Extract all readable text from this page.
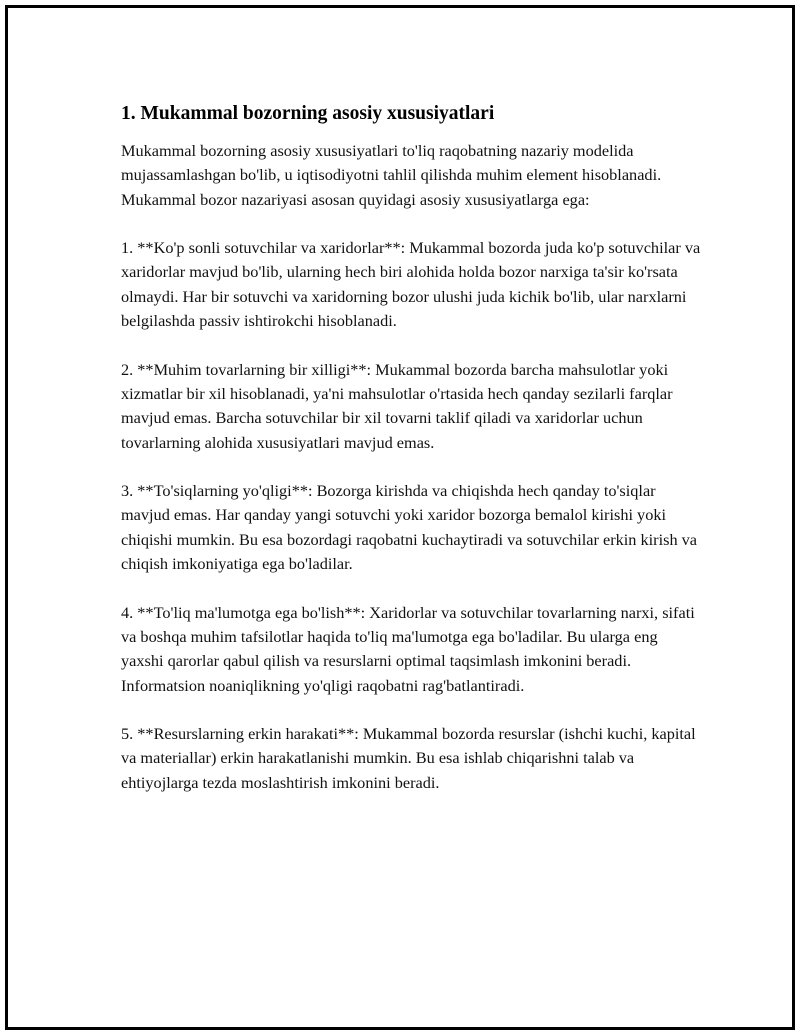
1. Mukammal bozorning asosiy xususiyatlari

Mukammal bozorning asosiy xususiyatlari to'liq raqobatning nazariy modelida mujassamlashgan bo'lib, u iqtisodiyotni tahlil qilishda muhim element hisoblanadi. Mukammal bozor nazariyasi asosan quyidagi asosiy xususiyatlarga ega:

1. **Ko'p sonli sotuvchilar va xaridorlar**: Mukammal bozorda juda ko'p sotuvchilar va xaridorlar mavjud bo'lib, ularning hech biri alohida holda bozor narxiga ta'sir ko'rsata olmaydi. Har bir sotuvchi va xaridorning bozor ulushi juda kichik bo'lib, ular narxlarni belgilashda passiv ishtirokchi hisoblanadi.

2. **Muhim tovarlarning bir xilligi**: Mukammal bozorda barcha mahsulotlar yoki xizmatlar bir xil hisoblanadi, ya'ni mahsulotlar o'rtasida hech qanday sezilarli farqlar mavjud emas. Barcha sotuvchilar bir xil tovarni taklif qiladi va xaridorlar uchun tovarlarning alohida xususiyatlari mavjud emas.

3. **To'siqlarning yo'qligi**: Bozorga kirishda va chiqishda hech qanday to'siqlar mavjud emas. Har qanday yangi sotuvchi yoki xaridor bozorga bemalol kirishi yoki chiqishi mumkin. Bu esa bozordagi raqobatni kuchaytiradi va sotuvchilar erkin kirish va chiqish imkoniyatiga ega bo'ladilar.

4. **To'liq ma'lumotga ega bo'lish**: Xaridorlar va sotuvchilar tovarlarning narxi, sifati va boshqa muhim tafsilotlar haqida to'liq ma'lumotga ega bo'ladilar. Bu ularga eng yaxshi qarorlar qabul qilish va resurslarni optimal taqsimlash imkonini beradi. Informatsion noaniqlikning yo'qligi raqobatni rag'batlantiradi.

5. **Resurslarning erkin harakati**: Mukammal bozorda resurslar (ishchi kuchi, kapital va materiallar) erkin harakatlanishi mumkin. Bu esa ishlab chiqarishni talab va ehtiyojlarga tezda moslashtirish imkonini beradi.
